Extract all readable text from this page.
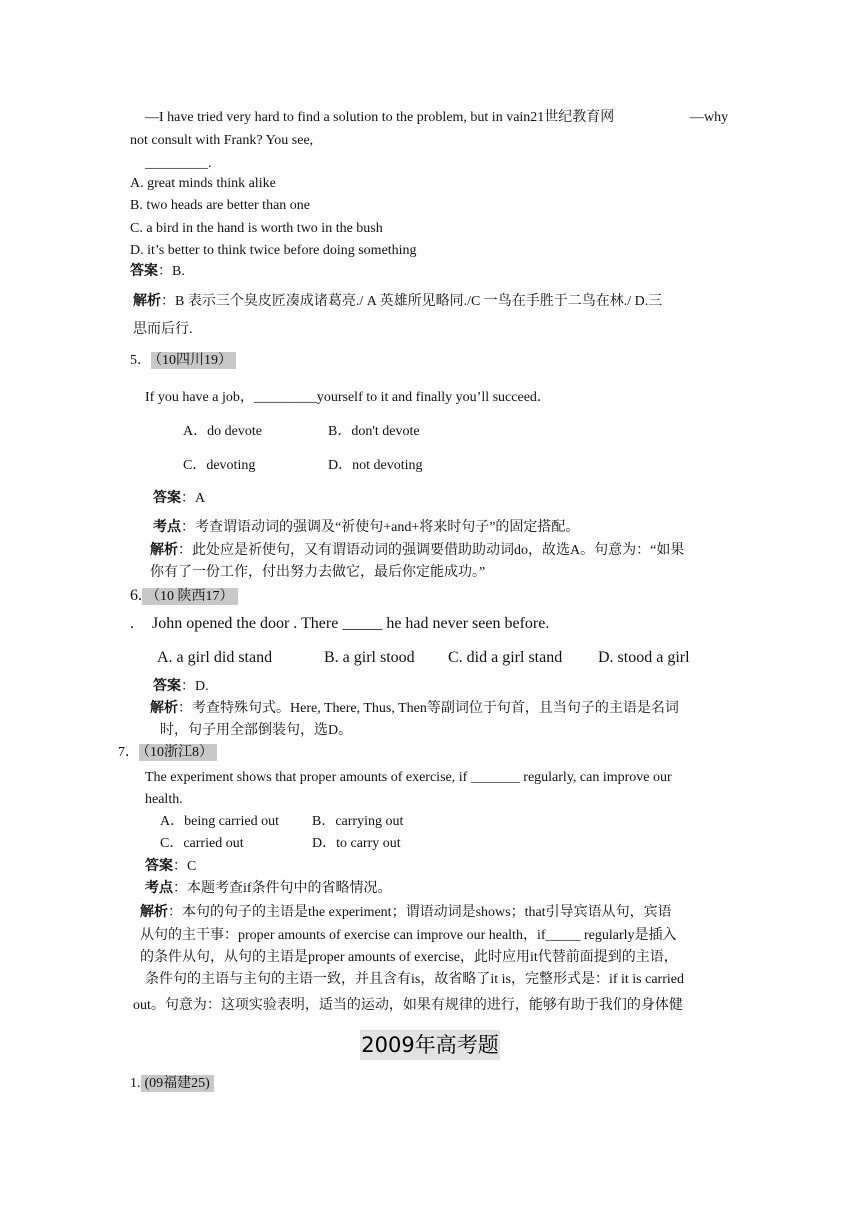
—I have tried very hard to find a solution to the problem, but in vain21世纪教育网	—why
not consult with Frank? You see,
_________.
A. great minds think alike
B. two heads are better than one
C. a bird in the hand is worth two in the bush
D. it’s better to think twice before doing something
答案：B.
解析：B 表示三个臭皮匠凑成诸葛亮./ A 英雄所见略同./C 一鸟在手胜于二鸟在林./ D.三
思而后行.
5． （10四川19）
If you have a job，_________yourself to it and finally you’ll succeed．
A．do devote	B．don't devote
C．devoting	D．not devoting
答案：A
考点：考查谓语动词的强调及“祈使句+and+将来时句子”的固定搭配。
解析：此处应是祈使句，又有谓语动词的强调要借助助动词do，故选A。句意为：“如果
你有了一份工作，付出努力去做它，最后你定能成功。”
6. （10 陕西17）
. John opened the door . There _____ he had never seen before.
A. a girl did stand	B. a girl stood C. did a girl stand D. stood a girl
答案：D.
解析：考查特殊句式。Here, There, Thus, Then等副词位于句首，且当句子的主语是名词
时，句子用全部倒装句，选D。
7． （10浙江8）
The experiment shows that proper amounts of exercise, if _______ regularly, can improve our
health.
A．being carried out B．carrying out
C．carried out	D．to carry out
答案：C
考点：本题考查if条件句中的省略情况。
解析：本句的句子的主语是the experiment；谓语动词是shows；that引导宾语从句，宾语
从句的主干事：proper amounts of exercise can improve our health，if_____ regularly是插入
的条件从句，从句的主语是proper amounts of exercise，此时应用it代替前面提到的主语，
条件句的主语与主句的主语一致，并且含有is，故省略了it is，完整形式是：if it is carried
out。句意为：这项实验表明，适当的运动，如果有规律的进行，能够有助于我们的身体健
2009年高考题
1. (09福建25)
